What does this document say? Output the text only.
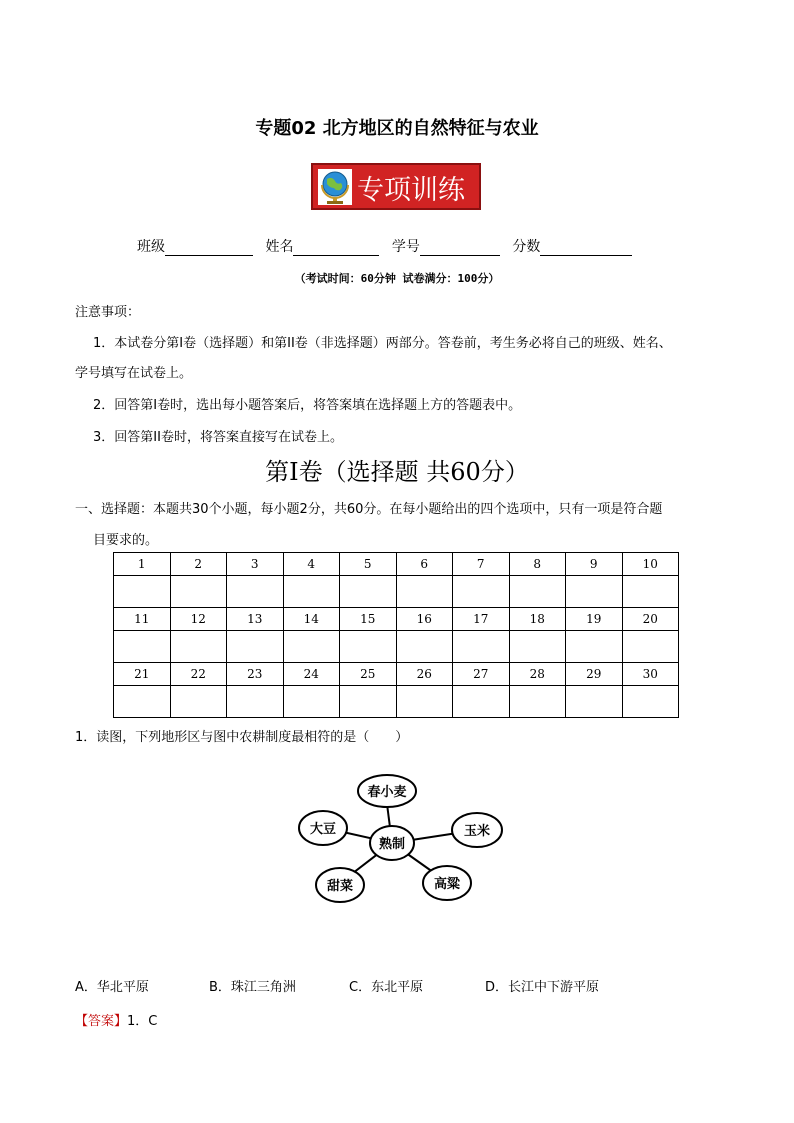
专题02 北方地区的自然特征与农业
专项训练
班级	姓名	学号	分数
（考试时间：60分钟 试卷满分：100分）
注意事项：
1．本试卷分第I卷（选择题）和第II卷（非选择题）两部分。答卷前，考生务必将自己的班级、姓名、
学号填写在试卷上。
2．回答第I卷时，选出每小题答案后，将答案填在选择题上方的答题表中。
3．回答第II卷时，将答案直接写在试卷上。
第I卷（选择题 共60分）
一、选择题：本题共30个小题，每小题2分，共60分。在每小题给出的四个选项中，只有一项是符合题
目要求的。
1	2	3	4	5	6	7	8	9	10

11	12	13	14	15	16	17	18	19	20

21	22	23	24	25	26	27	28	29	30

1．读图，下列地形区与图中农耕制度最相符的是（　　）
熟制
春小麦
玉米
高粱
甜菜
大豆
A．华北平原	B．珠江三角洲	C．东北平原	D．长江中下游平原
【答案】1．C
